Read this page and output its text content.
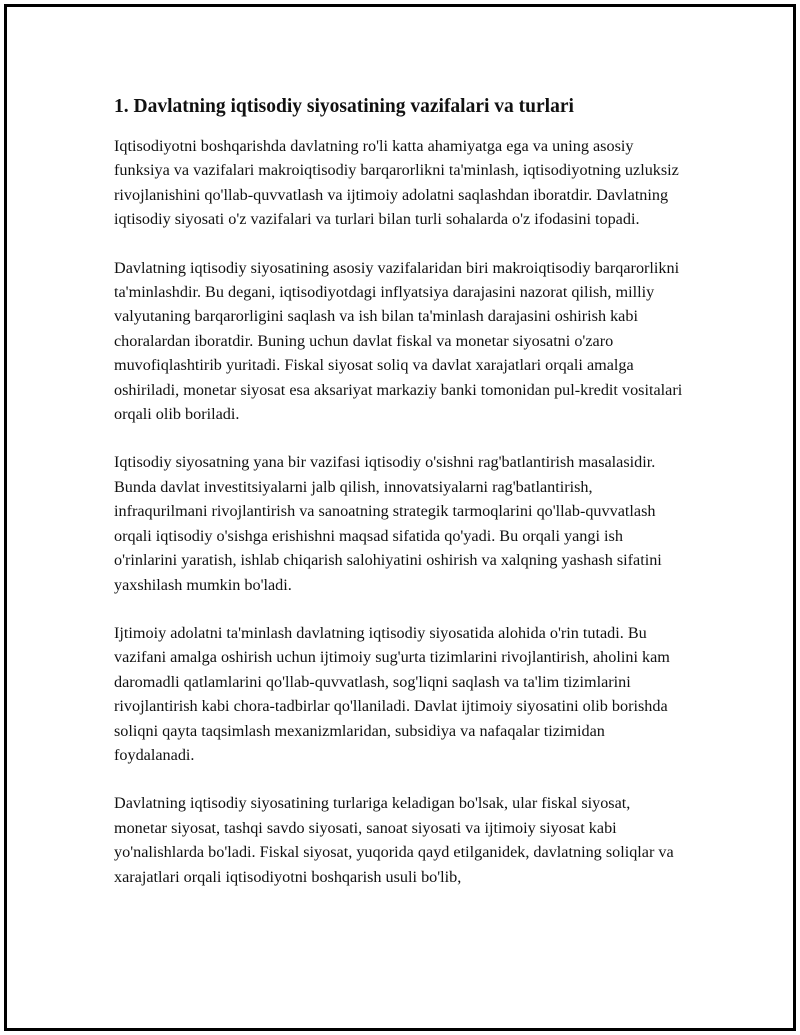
1. Davlatning iqtisodiy siyosatining vazifalari va turlari

Iqtisodiyotni boshqarishda davlatning ro'li katta ahamiyatga ega va uning asosiy funksiya va vazifalari makroiqtisodiy barqarorlikni ta'minlash, iqtisodiyotning uzluksiz rivojlanishini qo'llab-quvvatlash va ijtimoiy adolatni saqlashdan iboratdir. Davlatning iqtisodiy siyosati o'z vazifalari va turlari bilan turli sohalarda o'z ifodasini topadi.

Davlatning iqtisodiy siyosatining asosiy vazifalaridan biri makroiqtisodiy barqarorlikni ta'minlashdir. Bu degani, iqtisodiyotdagi inflyatsiya darajasini nazorat qilish, milliy valyutaning barqarorligini saqlash va ish bilan ta'minlash darajasini oshirish kabi choralardan iboratdir. Buning uchun davlat fiskal va monetar siyosatni o'zaro muvofiqlashtirib yuritadi. Fiskal siyosat soliq va davlat xarajatlari orqali amalga oshiriladi, monetar siyosat esa aksariyat markaziy banki tomonidan pul-kredit vositalari orqali olib boriladi.

Iqtisodiy siyosatning yana bir vazifasi iqtisodiy o'sishni rag'batlantirish masalasidir. Bunda davlat investitsiyalarni jalb qilish, innovatsiyalarni rag'batlantirish, infraqurilmani rivojlantirish va sanoatning strategik tarmoqlarini qo'llab-quvvatlash orqali iqtisodiy o'sishga erishishni maqsad sifatida qo'yadi. Bu orqali yangi ish o'rinlarini yaratish, ishlab chiqarish salohiyatini oshirish va xalqning yashash sifatini yaxshilash mumkin bo'ladi.

Ijtimoiy adolatni ta'minlash davlatning iqtisodiy siyosatida alohida o'rin tutadi. Bu vazifani amalga oshirish uchun ijtimoiy sug'urta tizimlarini rivojlantirish, aholini kam daromadli qatlamlarini qo'llab-quvvatlash, sog'liqni saqlash va ta'lim tizimlarini rivojlantirish kabi chora-tadbirlar qo'llaniladi. Davlat ijtimoiy siyosatini olib borishda soliqni qayta taqsimlash mexanizmlaridan, subsidiya va nafaqalar tizimidan foydalanadi.

Davlatning iqtisodiy siyosatining turlariga keladigan bo'lsak, ular fiskal siyosat, monetar siyosat, tashqi savdo siyosati, sanoat siyosati va ijtimoiy siyosat kabi yo'nalishlarda bo'ladi. Fiskal siyosat, yuqorida qayd etilganidek, davlatning soliqlar va xarajatlari orqali iqtisodiyotni boshqarish usuli bo'lib,
